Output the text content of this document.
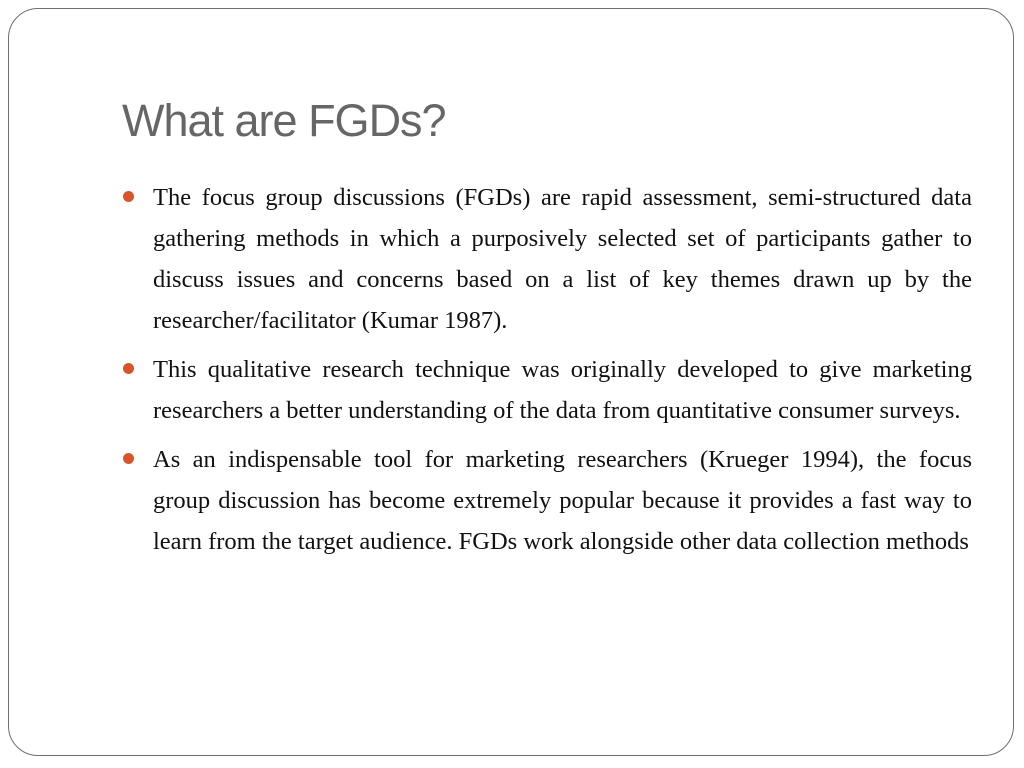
What are FGDs?
The focus group discussions (FGDs) are rapid assessment, semi-structured data gathering methods in which a purposively selected set of participants gather to discuss issues and concerns based on a list of key themes drawn up by the researcher/facilitator (Kumar 1987).
This qualitative research technique was originally developed to give marketing researchers a better understanding of the data from quantitative consumer surveys.
As an indispensable tool for marketing researchers (Krueger 1994), the focus group discussion has become extremely popular because it provides a fast way to learn from the target audience. FGDs work alongside other data collection methods
